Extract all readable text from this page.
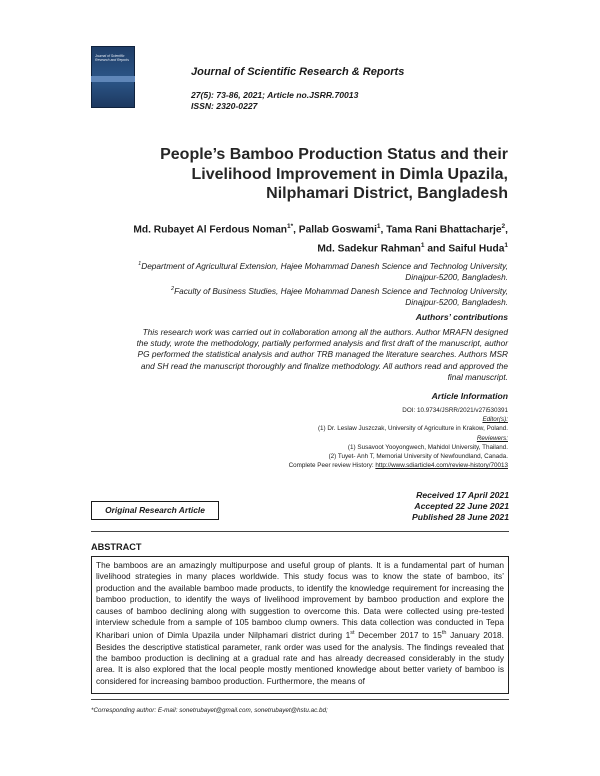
Journal of Scientific Research and Reports
Journal of Scientific Research & Reports
27(5): 73-86, 2021; Article no.JSRR.70013
ISSN: 2320-0227
People’s Bamboo Production Status and their
Livelihood Improvement in Dimla Upazila,
Nilphamari District, Bangladesh
Md. Rubayet Al Ferdous Noman$^{1*}$, Pallab Goswami$^1$, Tama Rani Bhattacharje$^2$,
Md. Sadekur Rahman$^1$ and Saiful Huda$^1$
$^1$Department of Agricultural Extension, Hajee Mohammad Danesh Science and Technolog University,
Dinajpur-5200, Bangladesh.
$^2$Faculty of Business Studies, Hajee Mohammad Danesh Science and Technolog University,
Dinajpur-5200, Bangladesh.
Authors’ contributions
This research work was carried out in collaboration among all the authors. Author MRAFN designed
the study, wrote the methodology, partially performed analysis and first draft of the manuscript, author
PG performed the statistical analysis and author TRB managed the literature searches. Authors MSR
and SH read the manuscript thoroughly and finalize methodology. All authors read and approved the
final manuscript.
Article Information
DOI: 10.9734/JSRR/2021/v27i530391
Editor(s):
(1) Dr. Leslaw Juszczak, University of Agriculture in Krakow, Poland.
Reviewers:
(1) Susavoot Yooyongwech, Mahidol University, Thailand.
(2) Tuyet- Anh T, Memorial University of Newfoundland, Canada.
Complete Peer review History: http://www.sdiarticle4.com/review-history/70013
Original Research Article
Received 17 April 2021
Accepted 22 June 2021
Published 28 June 2021
ABSTRACT

The bamboos are an amazingly multipurpose and useful group of plants. It is a fundamental part of human livelihood strategies in many places worldwide. This study focus was to know the state of bamboo, its’ production and the available bamboo made products, to identify the knowledge requirement for increasing the bamboo production, to identify the ways of livelihood improvement by bamboo production and explore the causes of bamboo declining along with suggestion to overcome this. Data were collected using pre-tested interview schedule from a sample of 105 bamboo clump owners. This data collection was conducted in Tepa Kharibari union of Dimla Upazila under Nilphamari district during 1st December 2017 to 15th January 2018. Besides the descriptive statistical parameter, rank order was used for the analysis. The findings revealed that the bamboo production is declining at a gradual rate and has already decreased considerably in the study area. It is also explored that the local people mostly mentioned knowledge about better variety of bamboo is considered for increasing bamboo production. Furthermore, the means of

*Corresponding author: E-mail: sonetrubayet@gmail.com, sonetrubayet@hstu.ac.bd;
